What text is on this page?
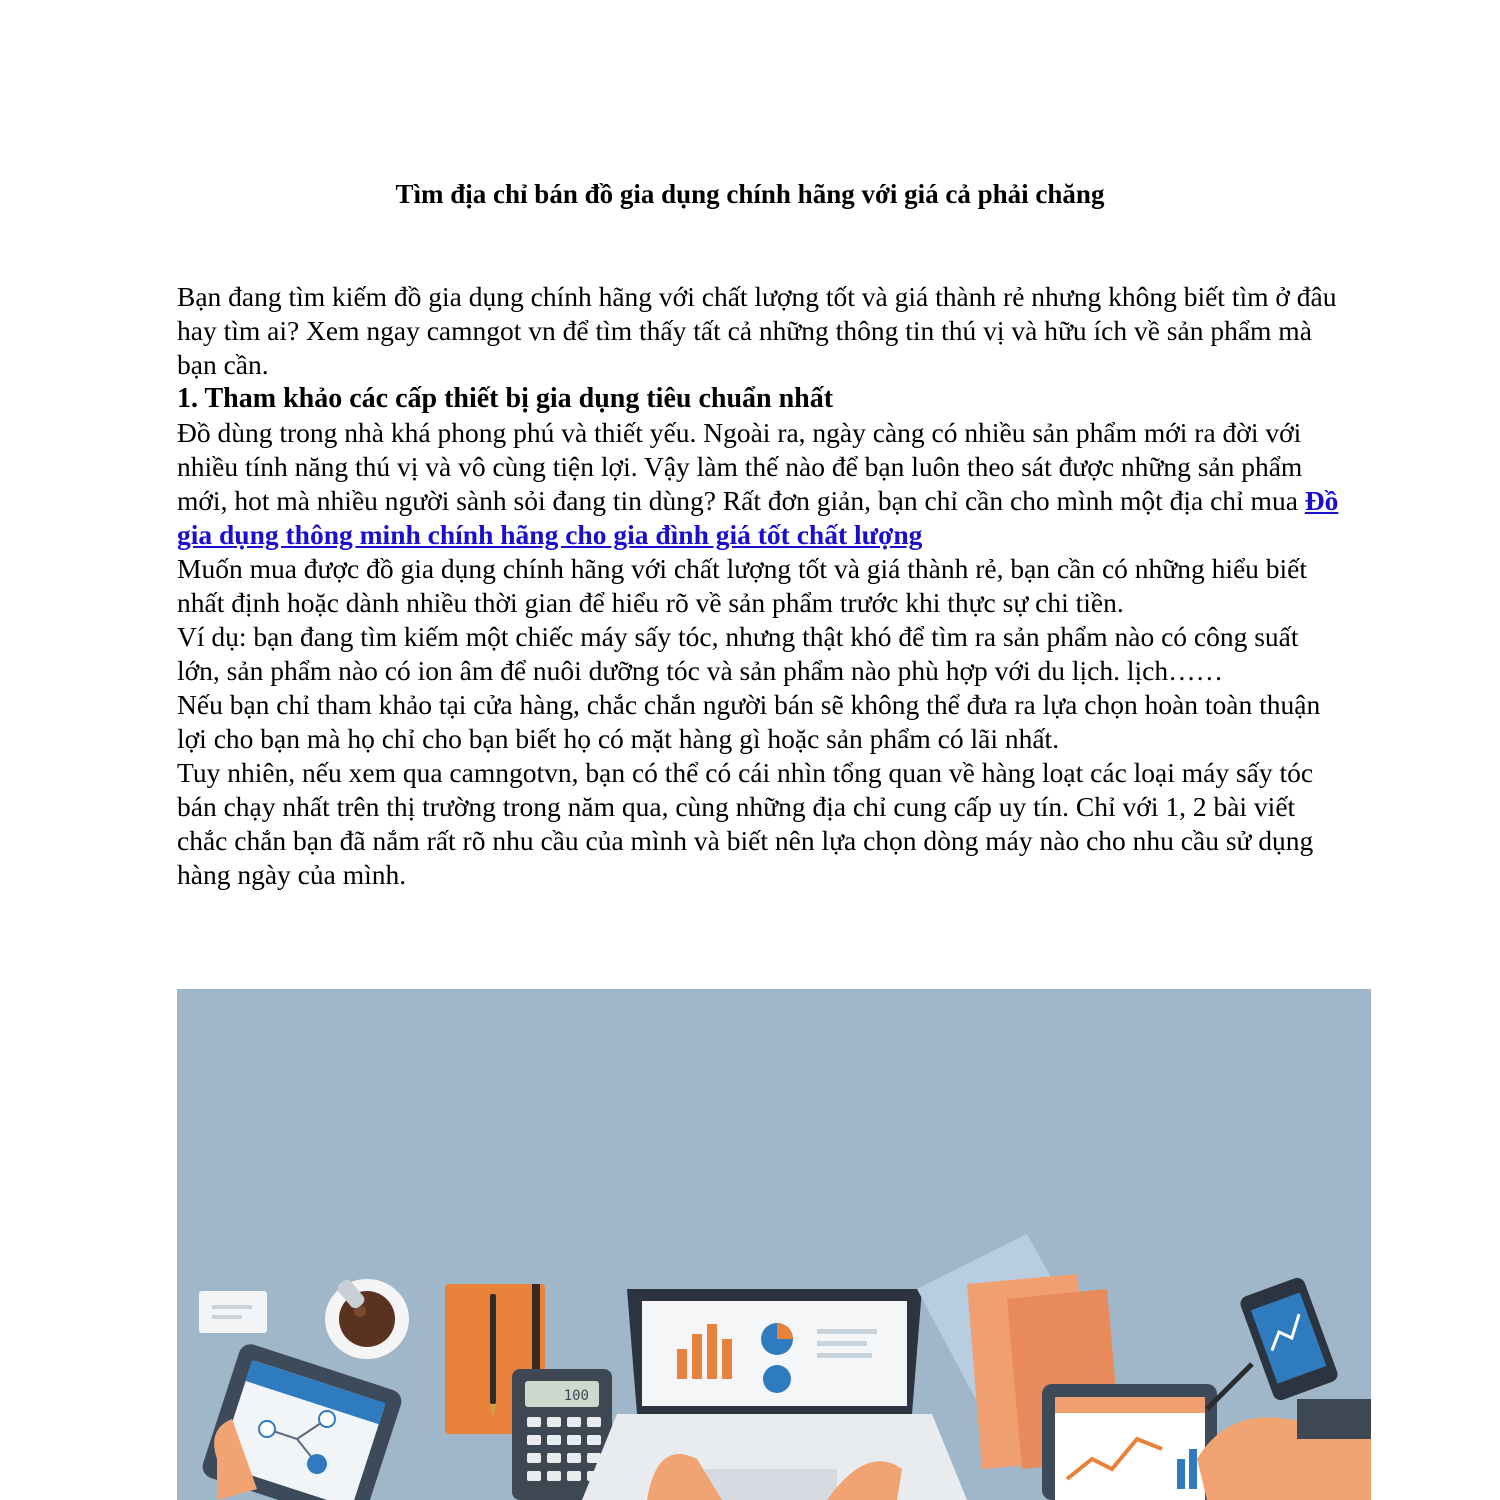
Tìm địa chỉ bán đồ gia dụng chính hãng với giá cả phải chăng

Bạn đang tìm kiếm đồ gia dụng chính hãng với chất lượng tốt và giá thành rẻ nhưng không biết tìm ở đâu hay tìm ai? Xem ngay camngot vn để tìm thấy tất cả những thông tin thú vị và hữu ích về sản phẩm mà bạn cần.

1. Tham khảo các cấp thiết bị gia dụng tiêu chuẩn nhất

Đồ dùng trong nhà khá phong phú và thiết yếu. Ngoài ra, ngày càng có nhiều sản phẩm mới ra đời với nhiều tính năng thú vị và vô cùng tiện lợi. Vậy làm thế nào để bạn luôn theo sát được những sản phẩm mới, hot mà nhiều người sành sỏi đang tin dùng? Rất đơn giản, bạn chỉ cần cho mình một địa chỉ mua Đồ gia dụng thông minh chính hãng cho gia đình giá tốt chất lượng

Muốn mua được đồ gia dụng chính hãng với chất lượng tốt và giá thành rẻ, bạn cần có những hiểu biết nhất định hoặc dành nhiều thời gian để hiểu rõ về sản phẩm trước khi thực sự chi tiền.

Ví dụ: bạn đang tìm kiếm một chiếc máy sấy tóc, nhưng thật khó để tìm ra sản phẩm nào có công suất lớn, sản phẩm nào có ion âm để nuôi dưỡng tóc và sản phẩm nào phù hợp với du lịch. lịch……

Nếu bạn chỉ tham khảo tại cửa hàng, chắc chắn người bán sẽ không thể đưa ra lựa chọn hoàn toàn thuận lợi cho bạn mà họ chỉ cho bạn biết họ có mặt hàng gì hoặc sản phẩm có lãi nhất.

Tuy nhiên, nếu xem qua camngotvn, bạn có thể có cái nhìn tổng quan về hàng loạt các loại máy sấy tóc bán chạy nhất trên thị trường trong năm qua, cùng những địa chỉ cung cấp uy tín. Chỉ với 1, 2 bài viết chắc chắn bạn đã nắm rất rõ nhu cầu của mình và biết nên lựa chọn dòng máy nào cho nhu cầu sử dụng hàng ngày của mình.

100
